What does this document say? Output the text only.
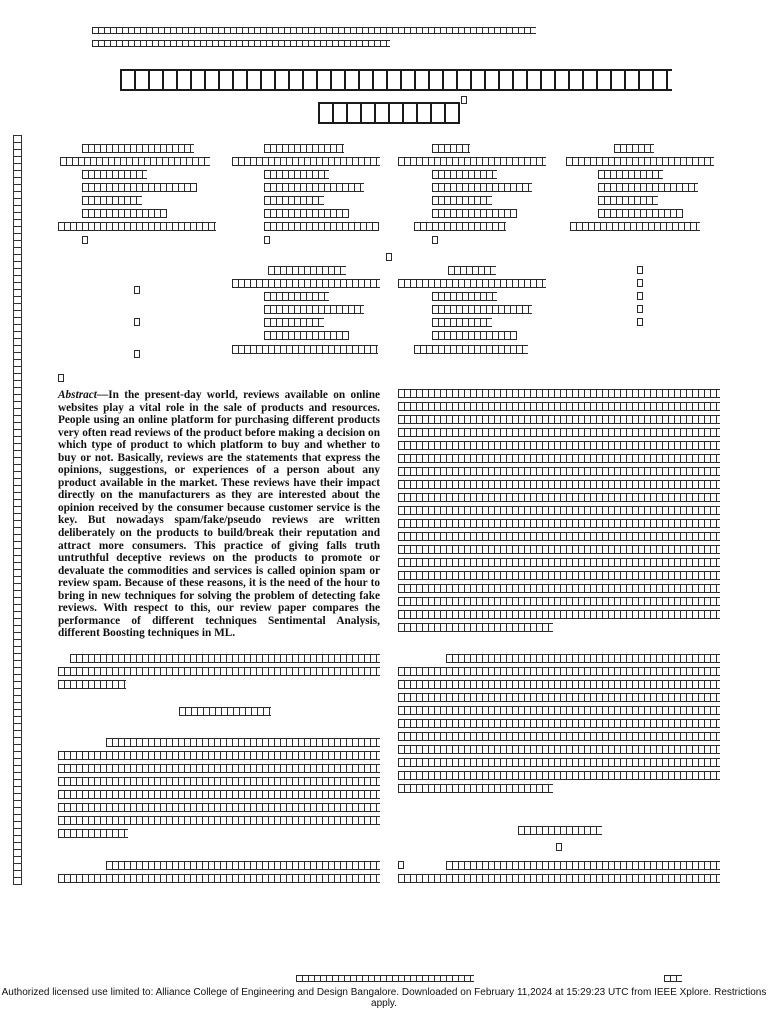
Abstract—In the present-day world, reviews available on online websites play a vital role in the sale of products and resources. People using an online platform for purchasing different products very often read reviews of the product before making a decision on which type of product to which platform to buy and whether to buy or not. Basically, reviews are the statements that express the opinions, suggestions, or experiences of a person about any product available in the market. These reviews have their impact directly on the manufacturers as they are interested about the opinion received by the consumer because customer service is the key. But nowadays spam/fake/pseudo reviews are written deliberately on the products to build/break their reputation and attract more consumers. This practice of giving falls truth untruthful deceptive reviews on the products to promote or devaluate the commodities and services is called opinion spam or review spam. Because of these reasons, it is the need of the hour to bring in new techniques for solving the problem of detecting fake reviews. With respect to this, our review paper compares the performance of different techniques Sentimental Analysis, different Boosting techniques in ML.

Authorized licensed use limited to: Alliance College of Engineering and Design Bangalore. Downloaded on February 11,2024 at 15:29:23 UTC from IEEE Xplore. Restrictions apply.
